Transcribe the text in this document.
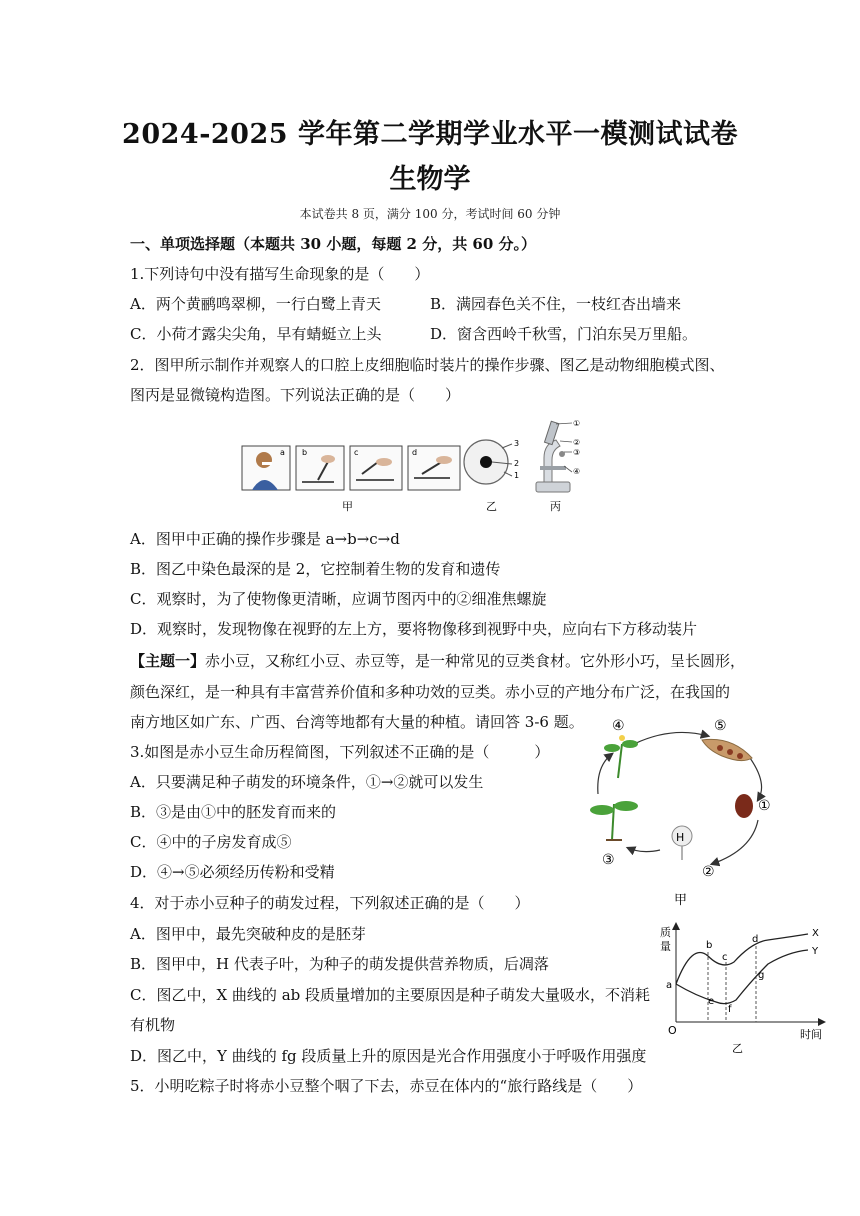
2024-2025 学年第二学期学业水平一模测试试卷
生物学
本试卷共 8 页，满分 100 分，考试时间 60 分钟
一、单项选择题（本题共 30 小题，每题 2 分，共 60 分。）
1.下列诗句中没有描写生命现象的是（　　）
A．两个黄鹂鸣翠柳，一行白鹭上青天	B．满园春色关不住，一枝红杏出墙来
C．小荷才露尖尖角，早有蜻蜓立上头	D．窗含西岭千秋雪，门泊东吴万里船。
2．图甲所示制作并观察人的口腔上皮细胞临时装片的操作步骤、图乙是动物细胞模式图、
图丙是显微镜构造图。下列说法正确的是（　　）
a b	c	d
甲
3
2
1
乙
①
②
③
④
丙
A．图甲中正确的操作步骤是 a→b→c→d
B．图乙中染色最深的是 2，它控制着生物的发育和遗传
C．观察时，为了使物像更清晰，应调节图丙中的②细准焦螺旋
D．观察时，发现物像在视野的左上方，要将物像移到视野中央，应向右下方移动装片
【主题一】赤小豆，又称红小豆、赤豆等，是一种常见的豆类食材。它外形小巧，呈长圆形，
颜色深红，是一种具有丰富营养价值和多种功效的豆类。赤小豆的产地分布广泛，在我国的
南方地区如广东、广西、台湾等地都有大量的种植。请回答 3-6 题。
3.如图是赤小豆生命历程简图，下列叙述不正确的是（　　　）
A．只要满足种子萌发的环境条件，①→②就可以发生
B．③是由①中的胚发育而来的
C．④中的子房发育成⑤
D．④→⑤必须经历传粉和受精
④	⑤
①
H
②
③
甲
4．对于赤小豆种子的萌发过程，下列叙述正确的是（　　）
A．图甲中，最先突破种皮的是胚芽
B．图甲中，H 代表子叶，为种子的萌发提供营养物质，后凋落
C．图乙中，X 曲线的 ab 段质量增加的主要原因是种子萌发大量吸水，不消耗
有机物
D．图乙中，Y 曲线的 fg 段质量上升的原因是光合作用强度小于呼吸作用强度
质
量
时间
O
a
b
c
d
e
f
g
X
Y
乙
5．小明吃粽子时将赤小豆整个咽了下去，赤豆在体内的“旅行路线是（　　）
